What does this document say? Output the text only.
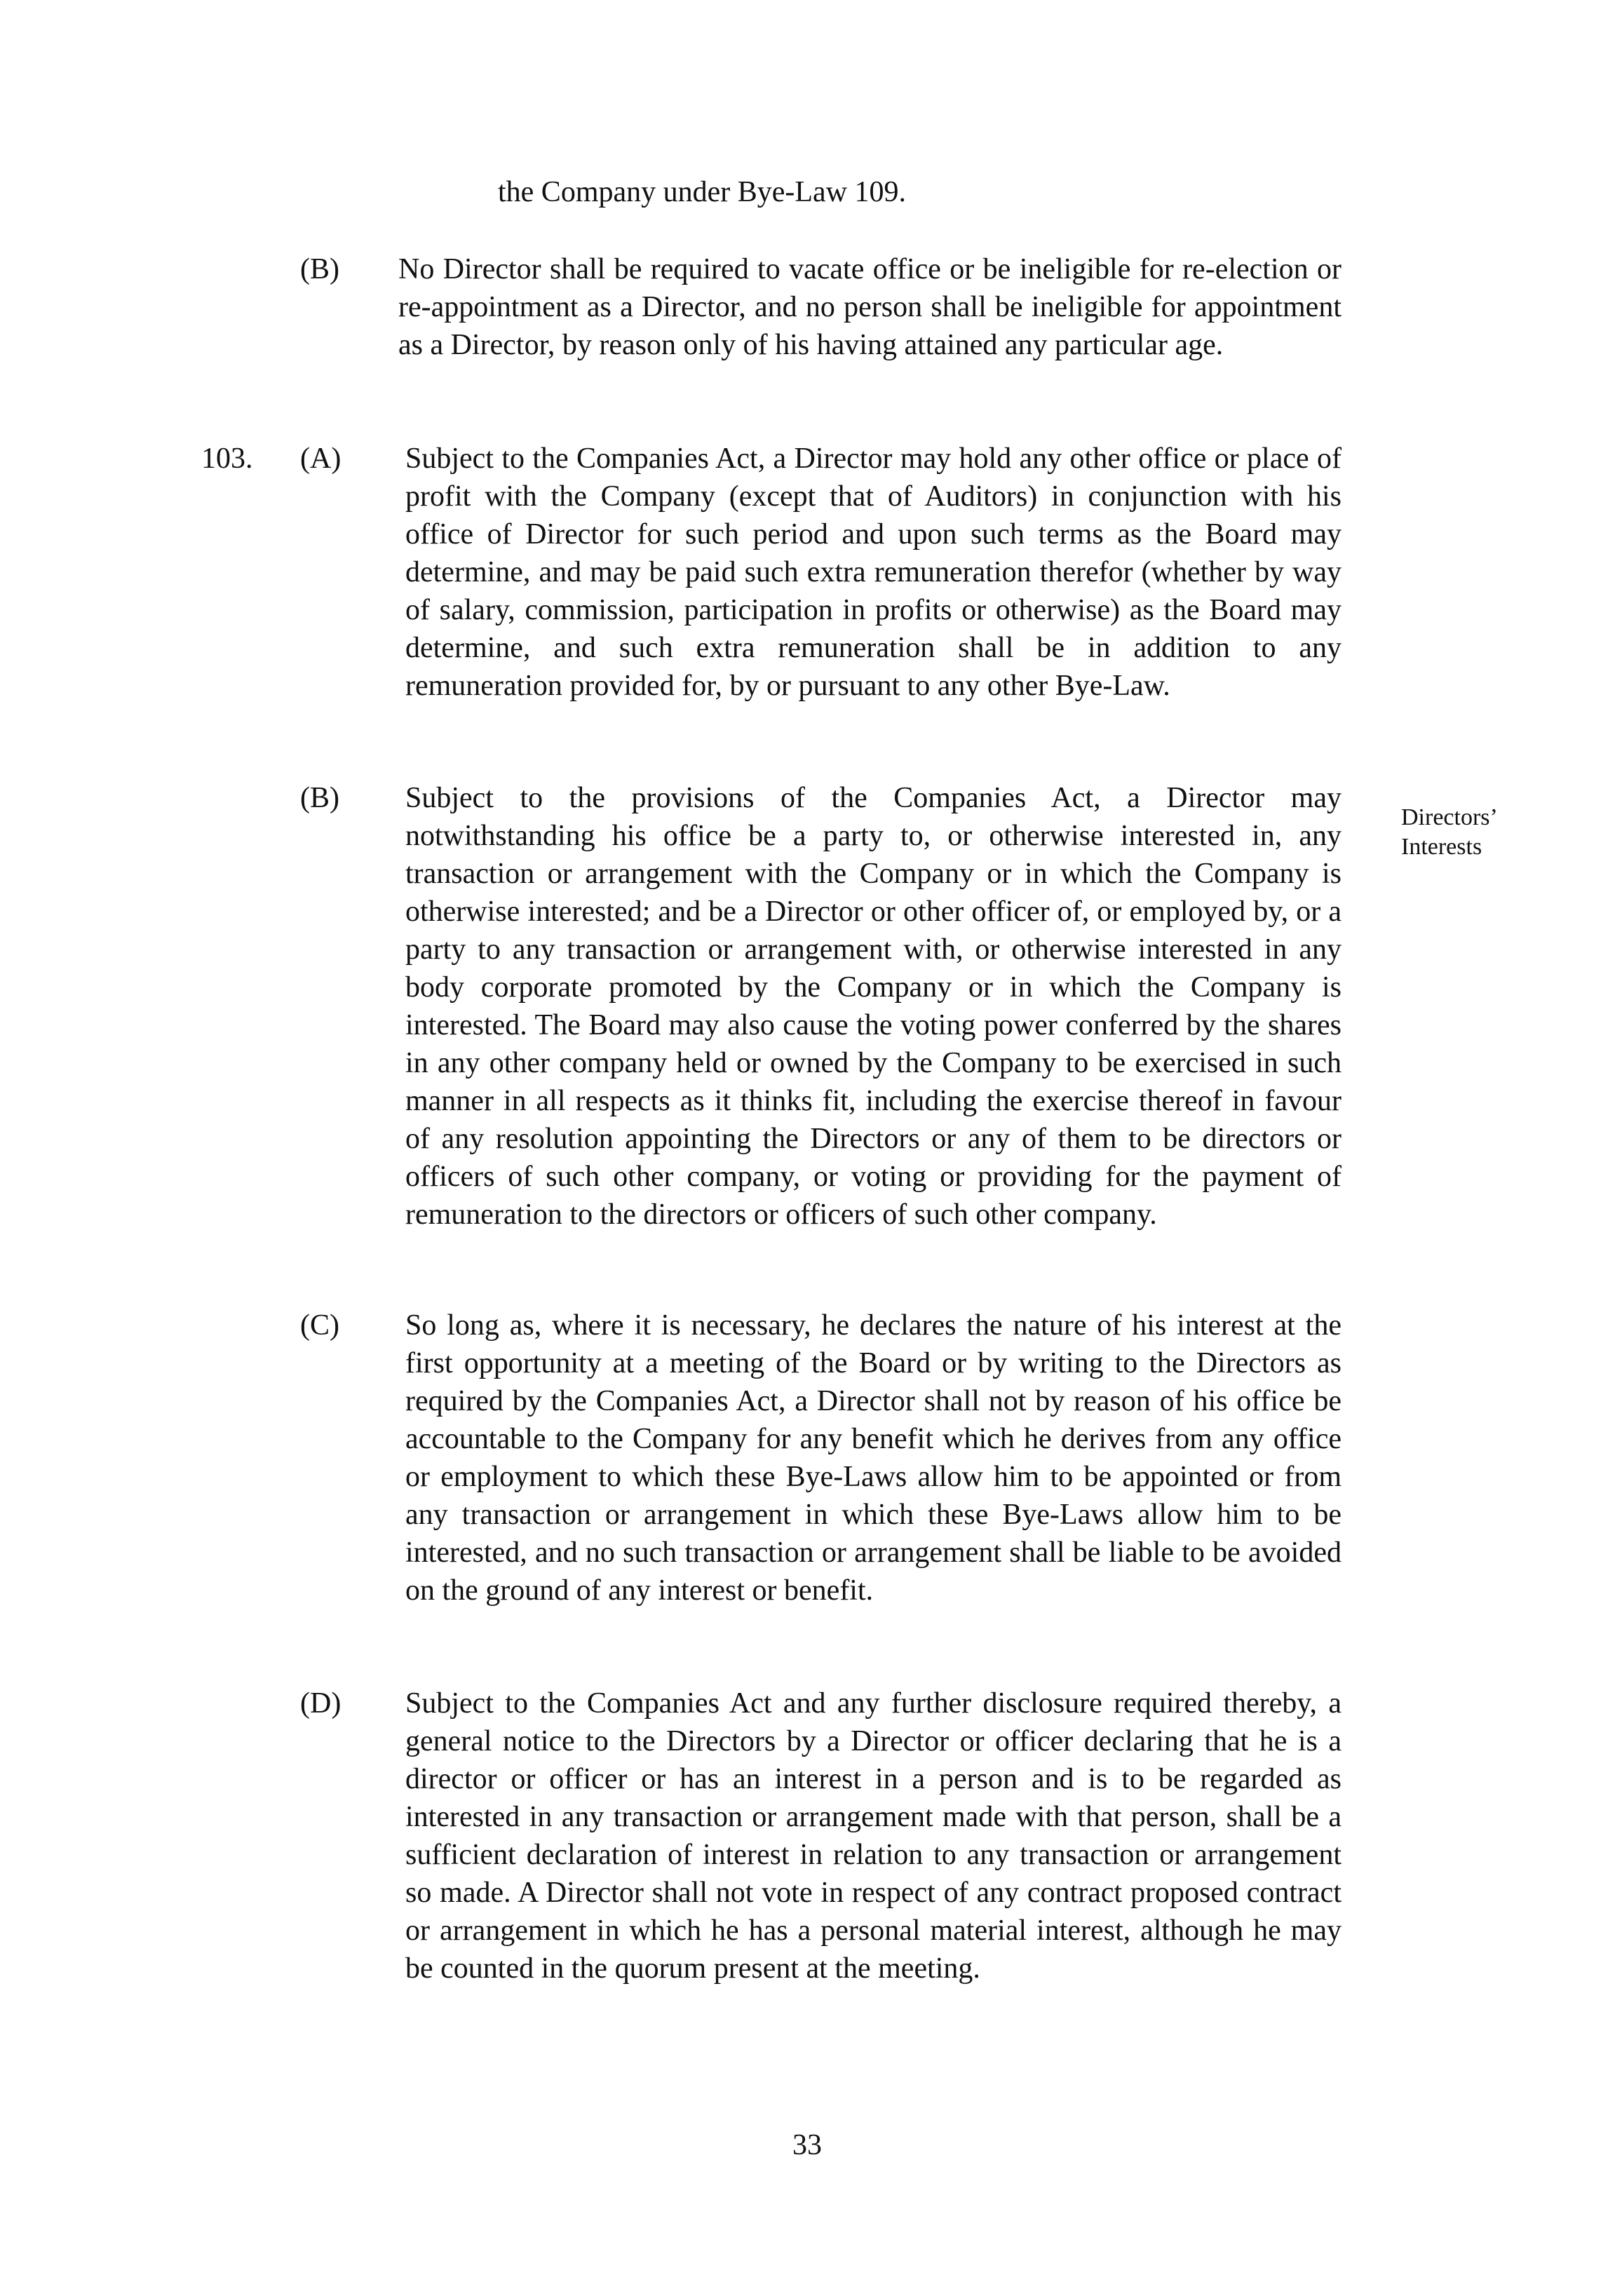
the Company under Bye-Law 109.
(B) No Director shall be required to vacate office or be ineligible for re-election or re-appointment as a Director, and no person shall be ineligible for appointment as a Director, by reason only of his having attained any particular age.
103. (A) Subject to the Companies Act, a Director may hold any other office or place of profit with the Company (except that of Auditors) in conjunction with his office of Director for such period and upon such terms as the Board may determine, and may be paid such extra remuneration therefor (whether by way of salary, commission, participation in profits or otherwise) as the Board may determine, and such extra remuneration shall be in addition to any remuneration provided for, by or pursuant to any other Bye-Law.
(B) Subject to the provisions of the Companies Act, a Director may notwithstanding his office be a party to, or otherwise interested in, any transaction or arrangement with the Company or in which the Company is otherwise interested; and be a Director or other officer of, or employed by, or a party to any transaction or arrangement with, or otherwise interested in any body corporate promoted by the Company or in which the Company is interested. The Board may also cause the voting power conferred by the shares in any other company held or owned by the Company to be exercised in such manner in all respects as it thinks fit, including the exercise thereof in favour of any resolution appointing the Directors or any of them to be directors or officers of such other company, or voting or providing for the payment of remuneration to the directors or officers of such other company.
Directors’
Interests
(C) So long as, where it is necessary, he declares the nature of his interest at the first opportunity at a meeting of the Board or by writing to the Directors as required by the Companies Act, a Director shall not by reason of his office be accountable to the Company for any benefit which he derives from any office or employment to which these Bye-Laws allow him to be appointed or from any transaction or arrangement in which these Bye-Laws allow him to be interested, and no such transaction or arrangement shall be liable to be avoided on the ground of any interest or benefit.
(D) Subject to the Companies Act and any further disclosure required thereby, a general notice to the Directors by a Director or officer declaring that he is a director or officer or has an interest in a person and is to be regarded as interested in any transaction or arrangement made with that person, shall be a sufficient declaration of interest in relation to any transaction or arrangement so made. A Director shall not vote in respect of any contract proposed contract or arrangement in which he has a personal material interest, although he may be counted in the quorum present at the meeting.
33
